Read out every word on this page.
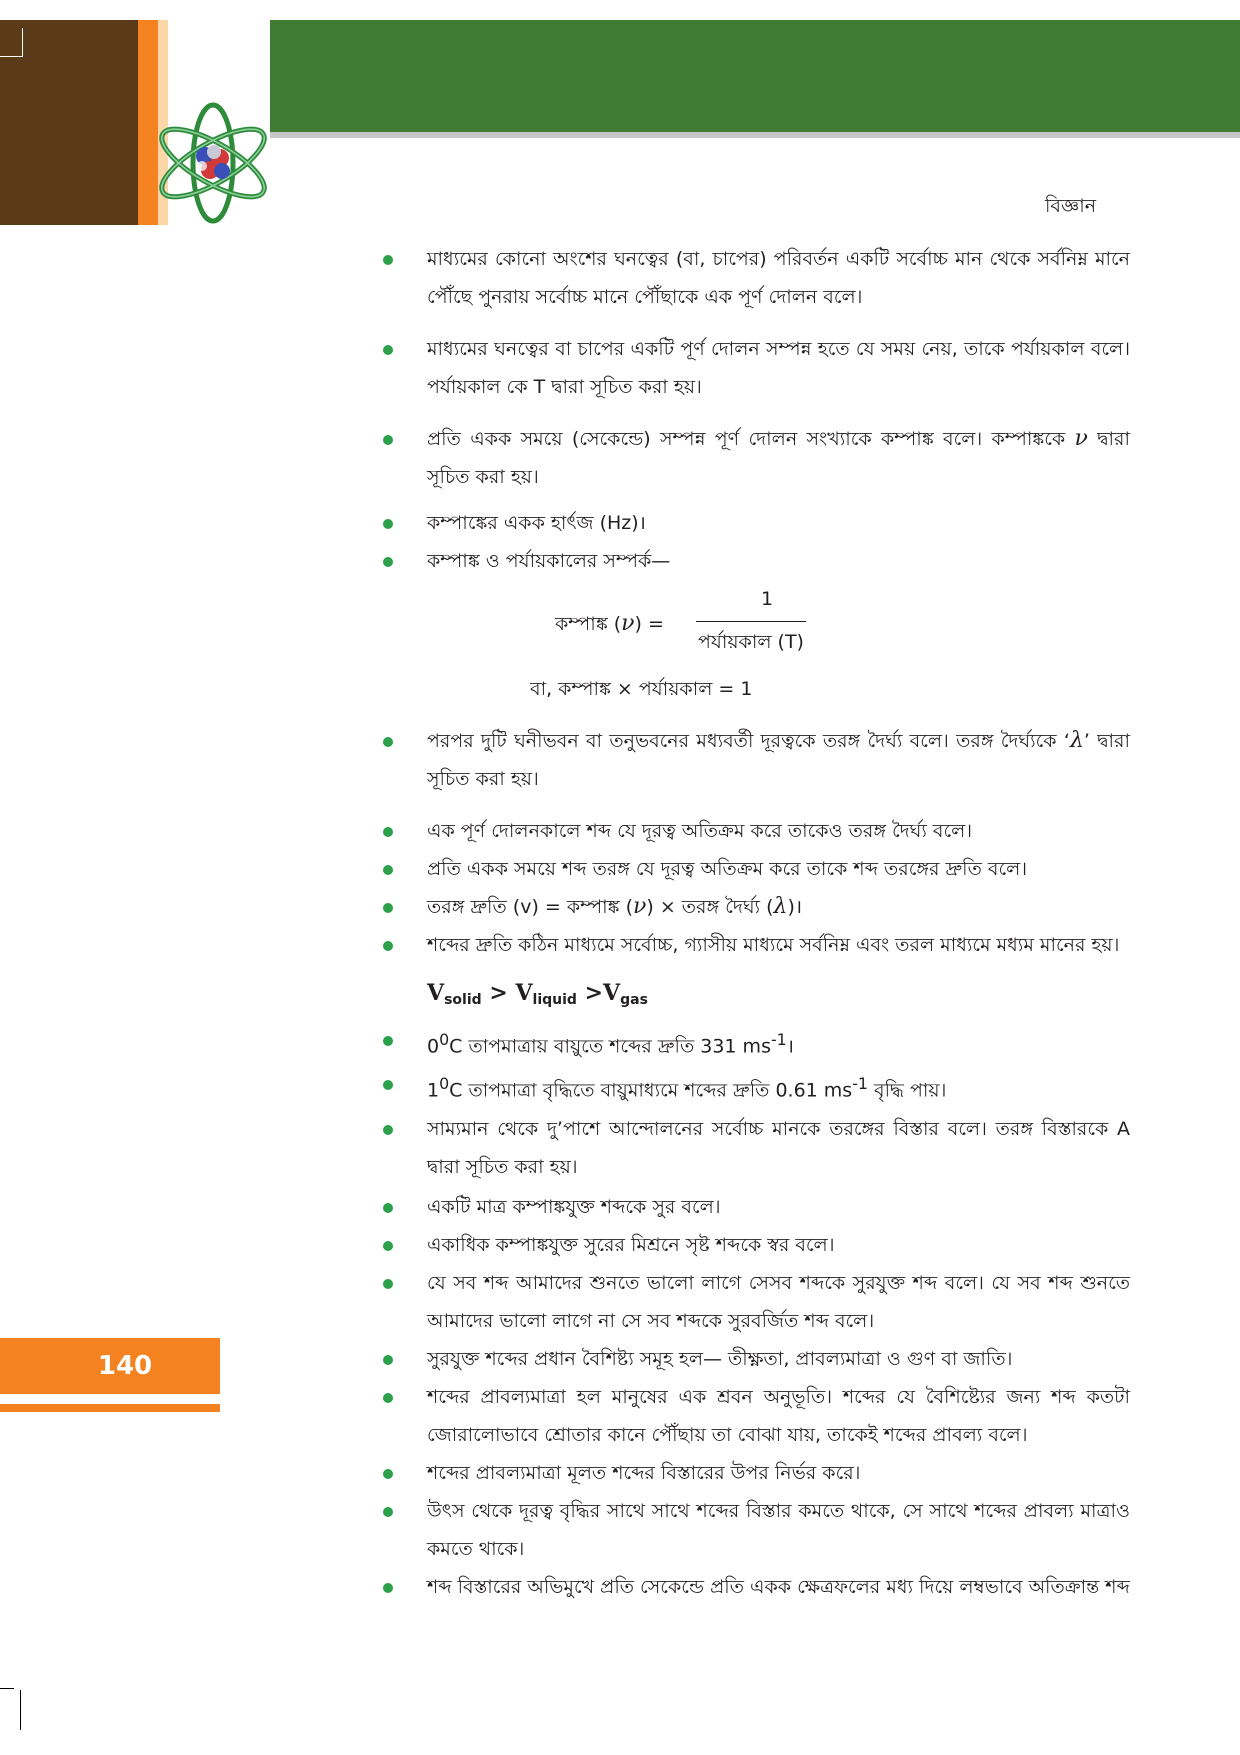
বিজ্ঞান
140
মাধ্যমের কোনো অংশের ঘনত্বের (বা, চাপের) পরিবর্তন একটি সর্বোচ্চ মান থেকে সর্বনিম্ন মানে পৌঁছে পুনরায় সর্বোচ্চ মানে পৌঁছাকে এক পূর্ণ দোলন বলে।
মাধ্যমের ঘনত্বের বা চাপের একটি পূর্ণ দোলন সম্পন্ন হতে যে সময় নেয়, তাকে পর্যায়কাল বলে। পর্যায়কাল কে T দ্বারা সূচিত করা হয়।
প্রতি একক সময়ে (সেকেন্ডে) সম্পন্ন পূর্ণ দোলন সংখ্যাকে কম্পাঙ্ক বলে। কম্পাঙ্ককে ν দ্বারা সূচিত করা হয়।
কম্পাঙ্কের একক হার্ৎজ (Hz)।
কম্পাঙ্ক ও পর্যায়কালের সম্পর্ক—
কম্পাঙ্ক (ν) =
1
পর্যায়কাল (T)
বা, কম্পাঙ্ক × পর্যায়কাল = 1
পরপর দুটি ঘনীভবন বা তনুভবনের মধ্যবর্তী দূরত্বকে তরঙ্গ দৈর্ঘ্য বলে। তরঙ্গ দৈর্ঘ্যকে ‘λ’ দ্বারা সূচিত করা হয়।
এক পূর্ণ দোলনকালে শব্দ যে দূরত্ব অতিক্রম করে তাকেও তরঙ্গ দৈর্ঘ্য বলে।
প্রতি একক সময়ে শব্দ তরঙ্গ যে দূরত্ব অতিক্রম করে তাকে শব্দ তরঙ্গের দ্রুতি বলে।
তরঙ্গ দ্রুতি (v) = কম্পাঙ্ক (ν) × তরঙ্গ দৈর্ঘ্য (λ)।
শব্দের দ্রুতি কঠিন মাধ্যমে সর্বোচ্চ, গ্যাসীয় মাধ্যমে সর্বনিম্ন এবং তরল মাধ্যমে মধ্যম মানের হয়।
$V_{solid} > V_{liquid} >V_{gas}$
$0^0C$ তাপমাত্রায় বায়ুতে শব্দের দ্রুতি 331 $ms^{-1}।$
$1^0C$ তাপমাত্রা বৃদ্ধিতে বায়ুমাধ্যমে শব্দের দ্রুতি 0.61 $ms^{-1}$ বৃদ্ধি পায়।
সাম্যমান থেকে দু’পাশে আন্দোলনের সর্বোচ্চ মানকে তরঙ্গের বিস্তার বলে। তরঙ্গ বিস্তারকে A দ্বারা সূচিত করা হয়।
একটি মাত্র কম্পাঙ্কযুক্ত শব্দকে সুর বলে।
একাধিক কম্পাঙ্কযুক্ত সুরের মিশ্রনে সৃষ্ট শব্দকে স্বর বলে।
যে সব শব্দ আমাদের শুনতে ভালো লাগে সেসব শব্দকে সুরযুক্ত শব্দ বলে। যে সব শব্দ শুনতে আমাদের ভালো লাগে না সে সব শব্দকে সুরবর্জিত শব্দ বলে।
সুরযুক্ত শব্দের প্রধান বৈশিষ্ট্য সমূহ হল— তীক্ষ্ণতা, প্রাবল্যমাত্রা ও গুণ বা জাতি।
শব্দের প্রাবল্যমাত্রা হল মানুষের এক শ্রবন অনুভূতি। শব্দের যে বৈশিষ্ট্যের জন্য শব্দ কতটা জোরালোভাবে শ্রোতার কানে পৌঁছায় তা বোঝা যায়, তাকেই শব্দের প্রাবল্য বলে।
শব্দের প্রাবল্যমাত্রা মূলত শব্দের বিস্তারের উপর নির্ভর করে।
উৎস থেকে দূরত্ব বৃদ্ধির সাথে সাথে শব্দের বিস্তার কমতে থাকে, সে সাথে শব্দের প্রাবল্য মাত্রাও কমতে থাকে।
শব্দ বিস্তারের অভিমুখে প্রতি সেকেন্ডে প্রতি একক ক্ষেত্রফলের মধ্য দিয়ে লম্বভাবে অতিক্রান্ত শব্দ
